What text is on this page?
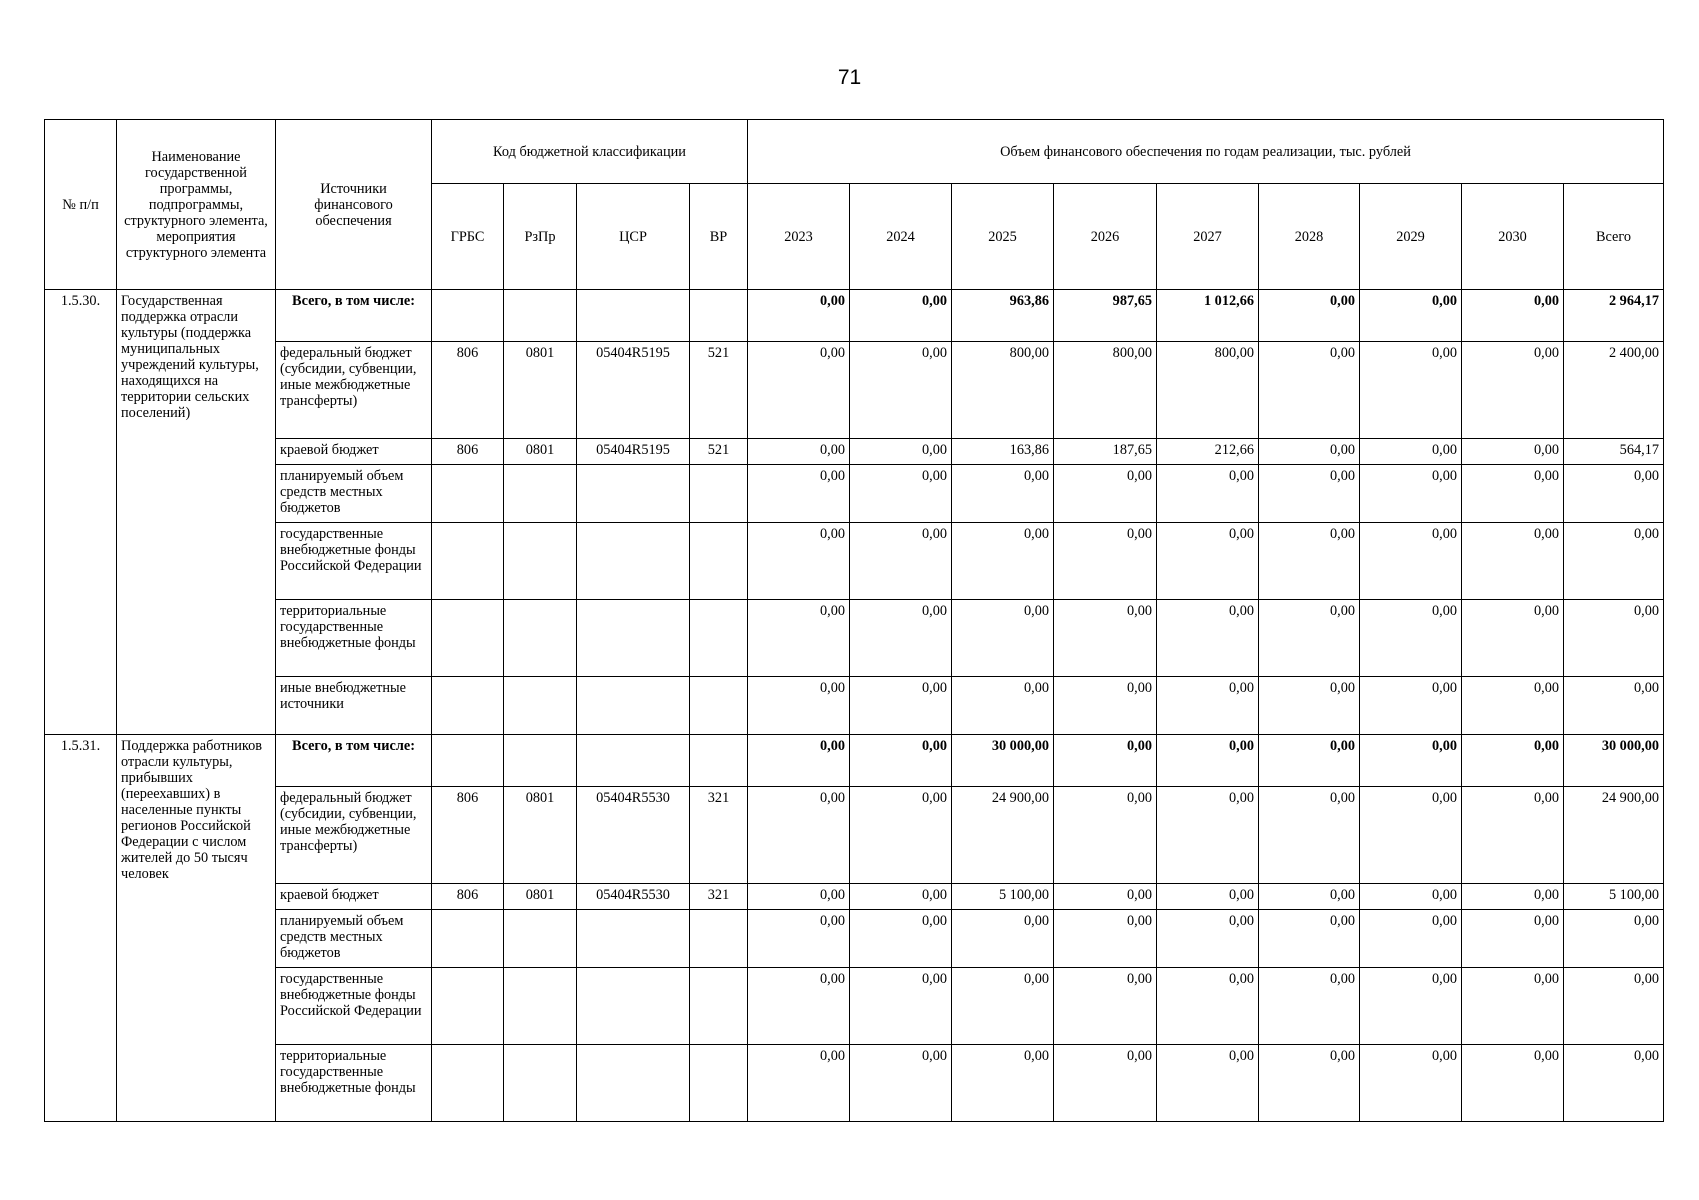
71
№ п/п	Наименование государственной программы, подпрограммы, структурного элемента, мероприятия структурного элемента	Источники финансового обеспечения	Код бюджетной классификации				Объем финансового обеспечения по годам реализации, тыс. рублей								
			ГРБС	РзПр	ЦСР	ВР	2023	2024	2025	2026	2027	2028	2029	2030	Всего
1.5.30.	Государственная поддержка отрасли культуры (поддержка муниципальных учреждений культуры, находящихся на территории сельских поселений)	Всего, в том числе:					0,00	0,00	963,86	987,65	1 012,66	0,00	0,00	0,00	2 964,17
		федеральный бюджет (субсидии, субвенции, иные межбюджетные трансферты)	806	0801	05404R5195	521	0,00	0,00	800,00	800,00	800,00	0,00	0,00	0,00	2 400,00
		краевой бюджет	806	0801	05404R5195	521	0,00	0,00	163,86	187,65	212,66	0,00	0,00	0,00	564,17
		планируемый объем средств местных бюджетов					0,00	0,00	0,00	0,00	0,00	0,00	0,00	0,00	0,00
		государственные внебюджетные фонды Российской Федерации					0,00	0,00	0,00	0,00	0,00	0,00	0,00	0,00	0,00
		территориальные государственные внебюджетные фонды					0,00	0,00	0,00	0,00	0,00	0,00	0,00	0,00	0,00
		иные внебюджетные источники					0,00	0,00	0,00	0,00	0,00	0,00	0,00	0,00	0,00
1.5.31.	Поддержка работников отрасли культуры, прибывших (переехавших) в населенные пункты регионов Российской Федерации с числом жителей до 50 тысяч человек	Всего, в том числе:					0,00	0,00	30 000,00	0,00	0,00	0,00	0,00	0,00	30 000,00
		федеральный бюджет (субсидии, субвенции, иные межбюджетные трансферты)	806	0801	05404R5530	321	0,00	0,00	24 900,00	0,00	0,00	0,00	0,00	0,00	24 900,00
		краевой бюджет	806	0801	05404R5530	321	0,00	0,00	5 100,00	0,00	0,00	0,00	0,00	0,00	5 100,00
		планируемый объем средств местных бюджетов					0,00	0,00	0,00	0,00	0,00	0,00	0,00	0,00	0,00
		государственные внебюджетные фонды Российской Федерации					0,00	0,00	0,00	0,00	0,00	0,00	0,00	0,00	0,00
		территориальные государственные внебюджетные фонды					0,00	0,00	0,00	0,00	0,00	0,00	0,00	0,00	0,00
